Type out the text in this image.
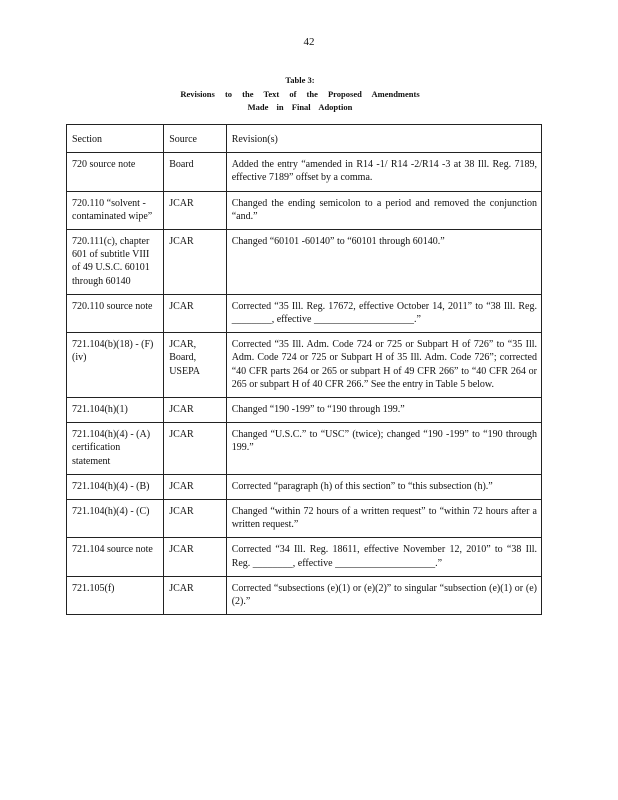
42
Table 3:
Revisions to the Text of the Proposed Amendments
Made in Final Adoption
Section	Source	Revision(s)
720 source note	Board	Added the entry “amended in R14 -1/ R14 -2/R14 -3 at 38 Ill. Reg. 7189, effective 7189” offset by a comma.
720.110 “solvent - contaminated wipe”	JCAR	Changed the ending semicolon to a period and removed the conjunction “and.”
720.111(c), chapter 601 of subtitle VIII of 49 U.S.C. 60101 through 60140	JCAR	Changed “60101 -60140” to “60101 through 60140.”
720.110 source note	JCAR	Corrected “35 Ill. Reg. 17672, effective October 14, 2011” to “38 Ill. Reg. ________, effective ____________________.”
721.104(b)(18) - (F)(iv)	JCAR, Board, USEPA	Corrected “35 Ill. Adm. Code 724 or 725 or Subpart H of 726” to “35 Ill. Adm. Code 724 or 725 or Subpart H of 35 Ill. Adm. Code 726”; corrected “40 CFR parts 264 or 265 or subpart H of 49 CFR 266” to “40 CFR 264 or 265 or subpart H of 40 CFR 266.” See the entry in Table 5 below.
721.104(h)(1)	JCAR	Changed “190 -199” to “190 through 199.”
721.104(h)(4) - (A) certification statement	JCAR	Changed “U.S.C.” to “USC” (twice); changed “190 -199” to “190 through 199.”
721.104(h)(4) - (B)	JCAR	Corrected “paragraph (h) of this section” to “this subsection (h).”
721.104(h)(4) - (C)	JCAR	Changed “within 72 hours of a written request” to “within 72 hours after a written request.”
721.104 source note	JCAR	Corrected “34 Ill. Reg. 18611, effective November 12, 2010” to “38 Ill. Reg. ________, effective ____________________.”
721.105(f)	JCAR	Corrected “subsections (e)(1) or (e)(2)” to singular “subsection (e)(1) or (e)(2).”
